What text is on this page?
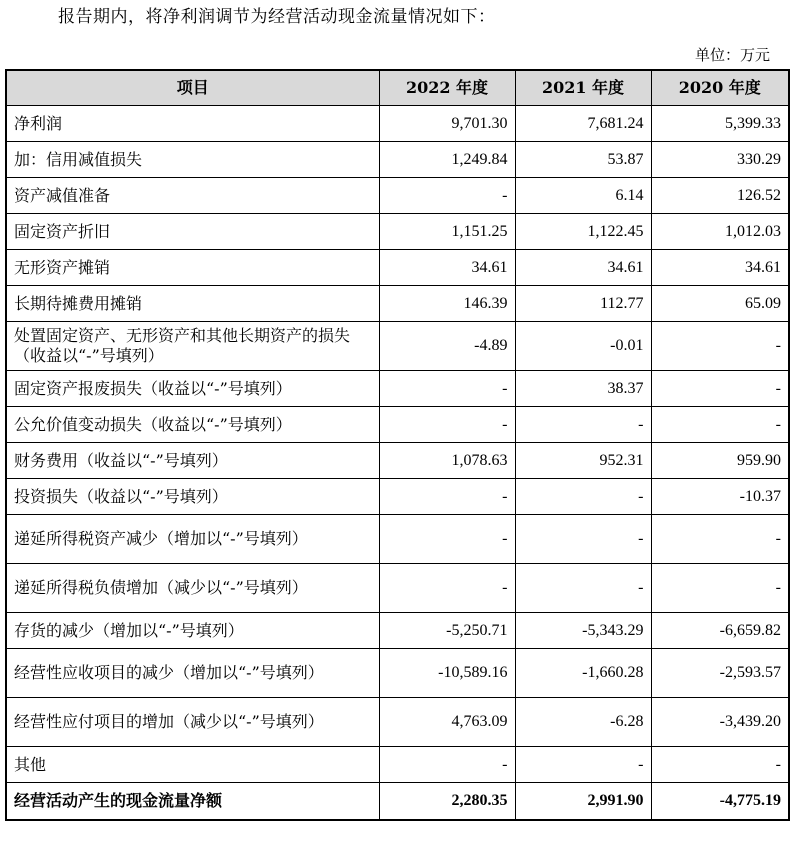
报告期内，将净利润调节为经营活动现金流量情况如下：
单位：万元
项目	2022 年度	2021 年度	2020 年度
净利润	9,701.30	7,681.24	5,399.33
加：信用减值损失	1,249.84	53.87	330.29
资产减值准备	-	6.14	126.52
固定资产折旧	1,151.25	1,122.45	1,012.03
无形资产摊销	34.61	34.61	34.61
长期待摊费用摊销	146.39	112.77	65.09
处置固定资产、无形资产和其他长期资产的损失（收益以“-”号填列）	-4.89	-0.01	-
固定资产报废损失（收益以“-”号填列）	-	38.37	-
公允价值变动损失（收益以“-”号填列）	-	-	-
财务费用（收益以“-”号填列）	1,078.63	952.31	959.90
投资损失（收益以“-”号填列）	-	-	-10.37
递延所得税资产减少（增加以“-”号填列）	-	-	-
递延所得税负债增加（减少以“-”号填列）	-	-	-
存货的减少（增加以“-”号填列）	-5,250.71	-5,343.29	-6,659.82
经营性应收项目的减少（增加以“-”号填列）	-10,589.16	-1,660.28	-2,593.57
经营性应付项目的增加（减少以“-”号填列）	4,763.09	-6.28	-3,439.20
其他	-	-	-
经营活动产生的现金流量净额	2,280.35	2,991.90	-4,775.19
